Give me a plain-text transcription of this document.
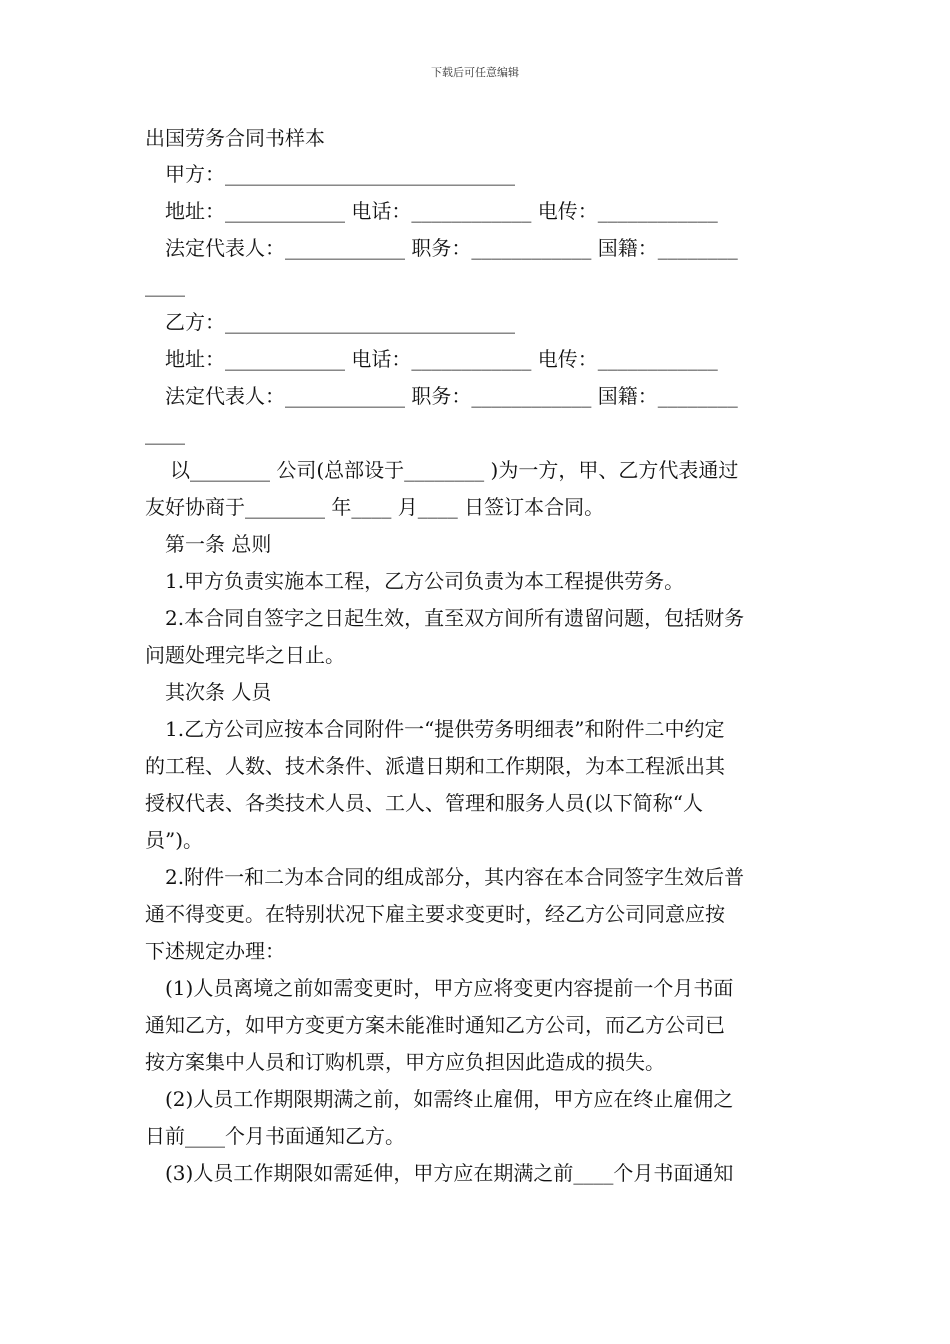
下载后可任意编辑
出国劳务合同书样本
甲方：_____________________________
地址：____________ 电话：____________ 电传：____________
法定代表人：____________ 职务：____________ 国籍：________
____
乙方：_____________________________
地址：____________ 电话：____________ 电传：____________
法定代表人：____________ 职务：____________ 国籍：________
____
以________ 公司(总部设于________ )为一方，甲、乙方代表通过
友好协商于________ 年____ 月____ 日签订本合同。
第一条 总则
1.甲方负责实施本工程，乙方公司负责为本工程提供劳务。
2.本合同自签字之日起生效，直至双方间所有遗留问题，包括财务
问题处理完毕之日止。
其次条 人员
1.乙方公司应按本合同附件一“提供劳务明细表”和附件二中约定
的工程、人数、技术条件、派遣日期和工作期限，为本工程派出其
授权代表、各类技术人员、工人、管理和服务人员(以下简称“人
员”)。
2.附件一和二为本合同的组成部分，其内容在本合同签字生效后普
通不得变更。在特别状况下雇主要求变更时，经乙方公司同意应按
下述规定办理：
(1)人员离境之前如需变更时，甲方应将变更内容提前一个月书面
通知乙方，如甲方变更方案未能准时通知乙方公司，而乙方公司已
按方案集中人员和订购机票，甲方应负担因此造成的损失。
(2)人员工作期限期满之前，如需终止雇佣，甲方应在终止雇佣之
日前____个月书面通知乙方。
(3)人员工作期限如需延伸，甲方应在期满之前____个月书面通知
